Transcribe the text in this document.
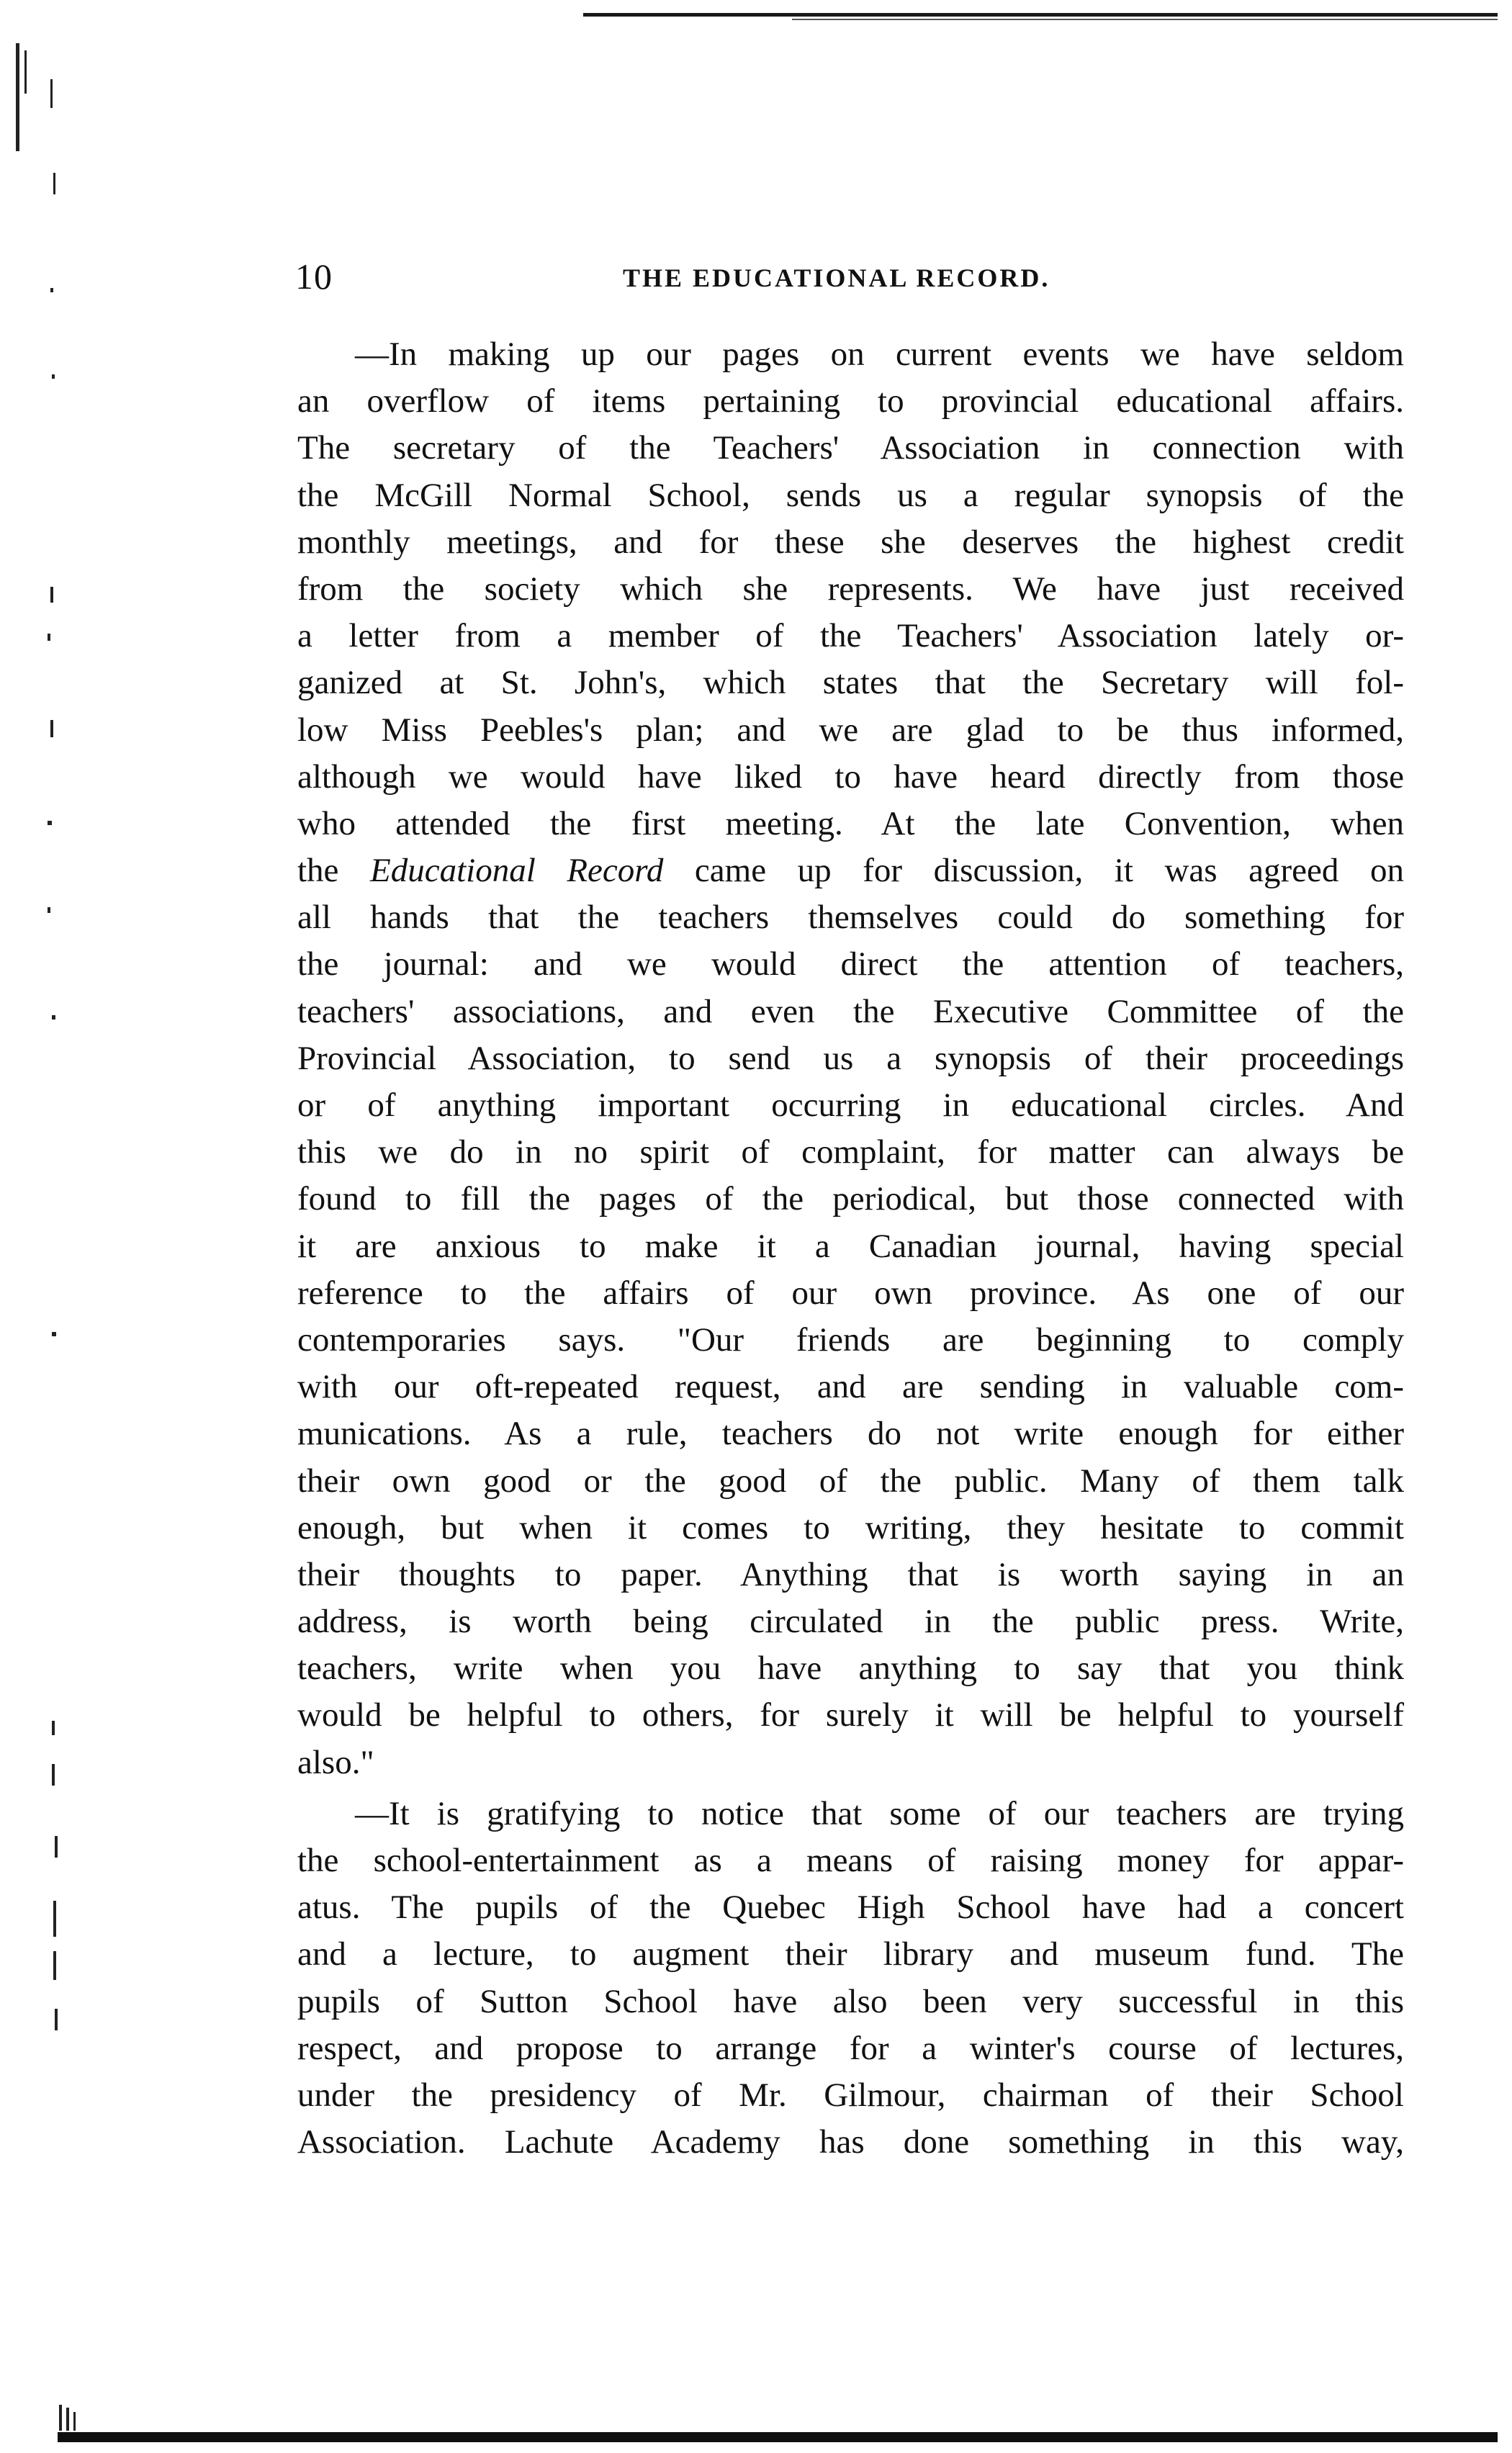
10	THE EDUCATIONAL RECORD.
—In making up our pages on current events we have seldom
an overflow of items pertaining to provincial educational affairs.
The secretary of the Teachers' Association in connection with
the McGill Normal School, sends us a regular synopsis of the
monthly meetings, and for these she deserves the highest credit
from the society which she represents. We have just received
a letter from a member of the Teachers' Association lately or-
ganized at St. John's, which states that the Secretary will fol-
low Miss Peebles's plan; and we are glad to be thus informed,
although we would have liked to have heard directly from those
who attended the first meeting. At the late Convention, when
the Educational Record came up for discussion, it was agreed on
all hands that the teachers themselves could do something for
the journal: and we would direct the attention of teachers,
teachers' associations, and even the Executive Committee of the
Provincial Association, to send us a synopsis of their proceedings
or of anything important occurring in educational circles. And
this we do in no spirit of complaint, for matter can always be
found to fill the pages of the periodical, but those connected with
it are anxious to make it a Canadian journal, having special
reference to the affairs of our own province. As one of our
contemporaries says. "Our friends are beginning to comply
with our oft-repeated request, and are sending in valuable com-
munications. As a rule, teachers do not write enough for either
their own good or the good of the public. Many of them talk
enough, but when it comes to writing, they hesitate to commit
their thoughts to paper. Anything that is worth saying in an
address, is worth being circulated in the public press. Write,
teachers, write when you have anything to say that you think
would be helpful to others, for surely it will be helpful to yourself
also."
—It is gratifying to notice that some of our teachers are trying
the school-entertainment as a means of raising money for appar-
atus. The pupils of the Quebec High School have had a concert
and a lecture, to augment their library and museum fund. The
pupils of Sutton School have also been very successful in this
respect, and propose to arrange for a winter's course of lectures,
under the presidency of Mr. Gilmour, chairman of their School
Association. Lachute Academy has done something in this way,
